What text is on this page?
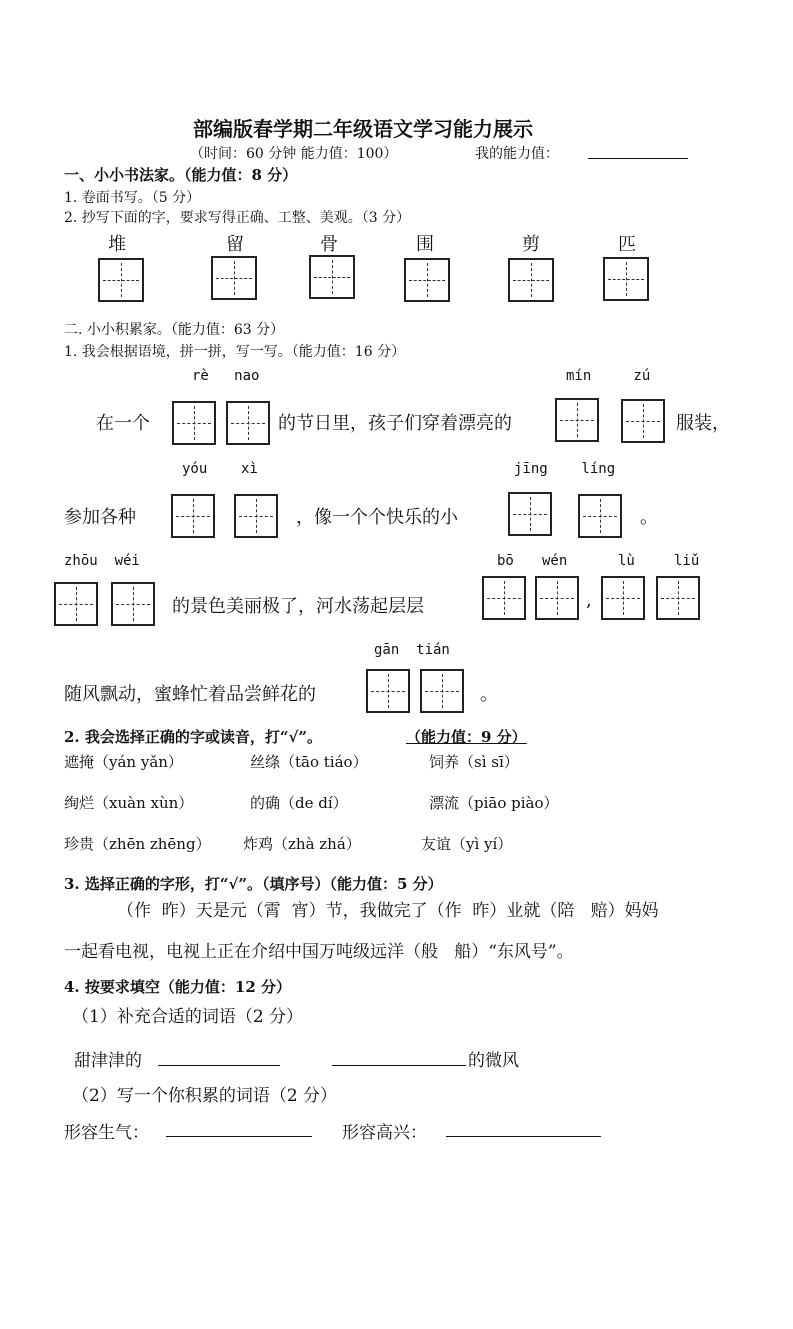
部编版春学期二年级语文学习能力展示
（时间：60 分钟 能力值：100）	我的能力值：
一、小小书法家。（能力值：8 分）
1. 卷面书写。（5 分）
2. 抄写下面的字，要求写得正确、工整、美观。（3 分）
堆	留	骨	围	剪	匹
二. 小小积累家。（能力值：63 分）
1. 我会根据语境，拼一拼，写一写。（能力值：16 分）
rè   nao	mín     zú
在一个	的节日里，孩子们穿着漂亮的	服装，
yóu    xì	jīng    líng
参加各种	，像一个个快乐的小	。
zhōu  wéi	bō wén	lù	liǔ
的景色美丽极了，河水荡起层层	,
gān  tián
随风飘动，蜜蜂忙着品尝鲜花的	。
2. 我会选择正确的字或读音，打“√”。	（能力值：9 分）
遮掩（yán yǎn）	丝绦（tāo tiáo）	饲养（sì sī）
绚烂（xuàn xùn）	的确（de dí）	漂流（piāo piào）
珍贵（zhēn zhēng） 炸鸡（zhà zhá）	友谊（yì yí）
3. 选择正确的字形，打“√”。（填序号）（能力值：5 分）
（作  昨）天是元（霄  宵）节，我做完了（作  昨）业就（陪   赔）妈妈
一起看电视，电视上正在介绍中国万吨级远洋（般   船）“东风号”。
4. 按要求填空（能力值：12 分）
（1）补充合适的词语（2 分）
甜津津的	的微风
（2）写一个你积累的词语（2 分）
形容生气：	形容高兴：
